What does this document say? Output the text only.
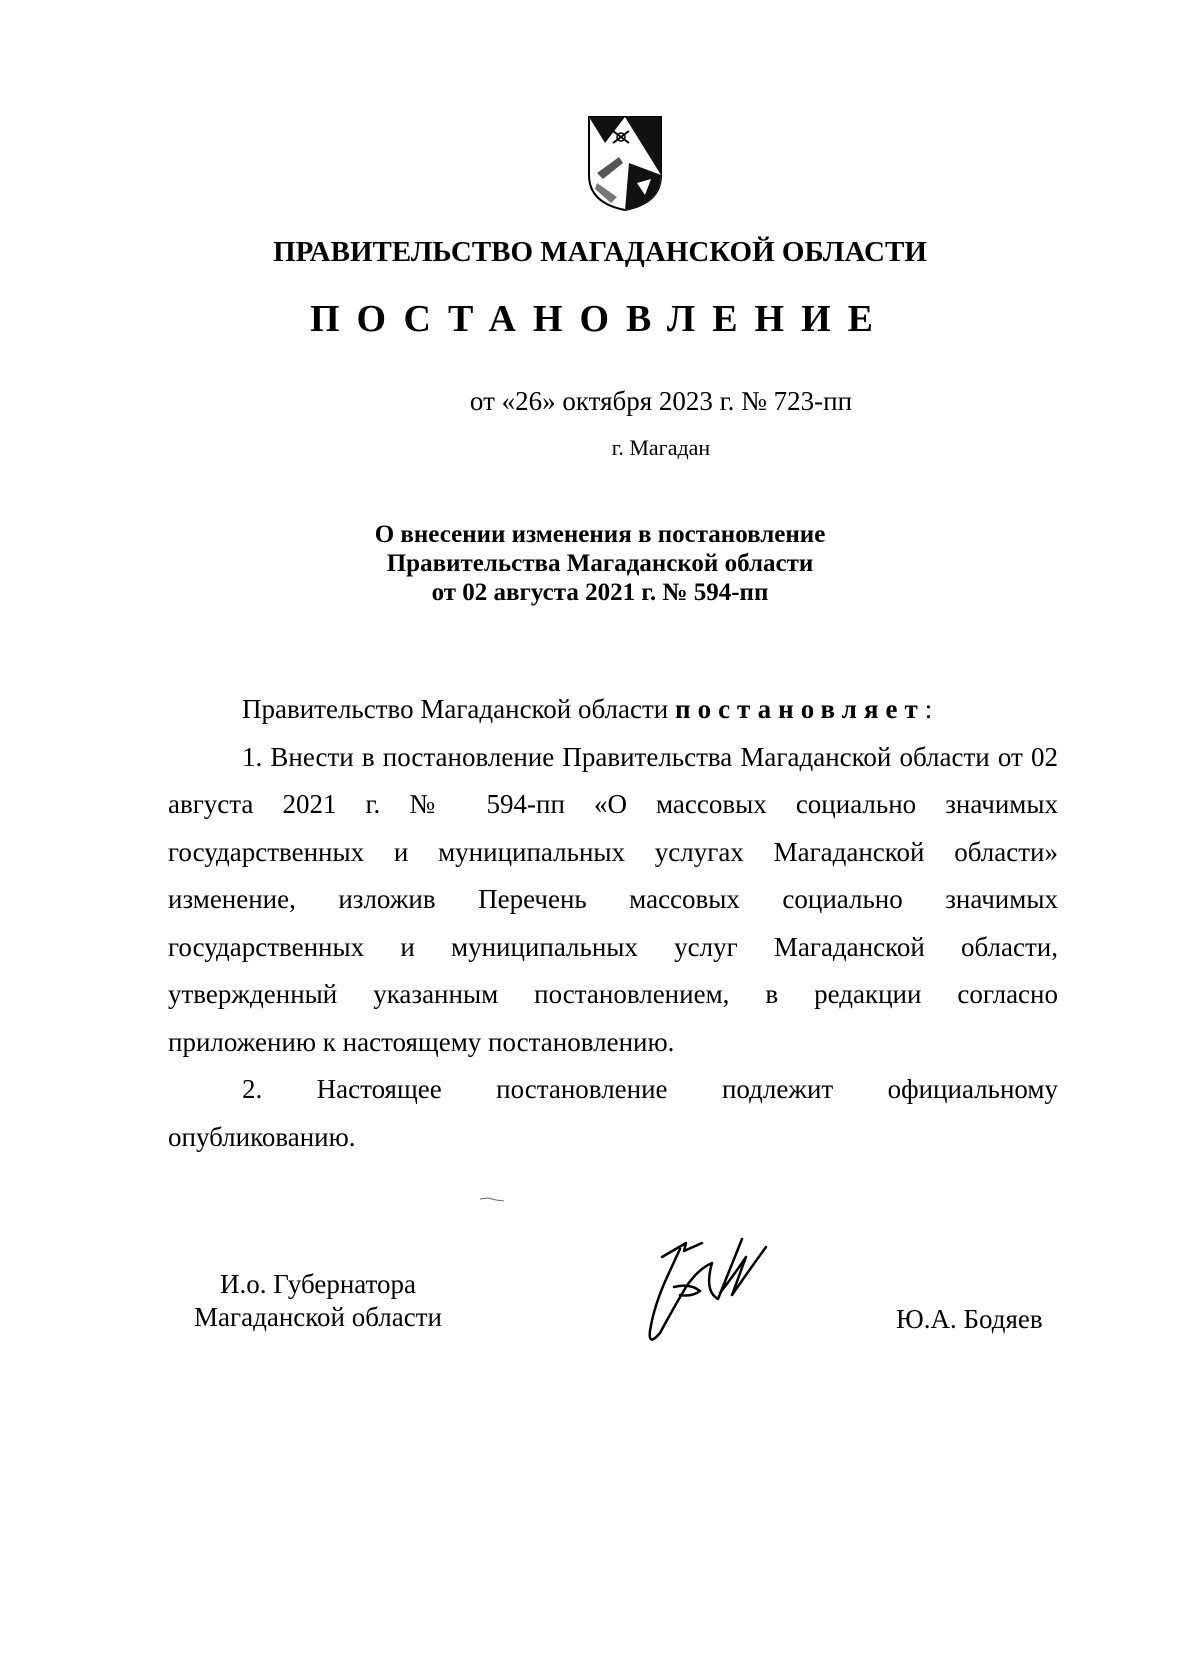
ПРАВИТЕЛЬСТВО МАГАДАНСКОЙ ОБЛАСТИ
ПОСТАНОВЛЕНИЕ
от «26» октября 2023 г. № 723-пп
г. Магадан
О внесении изменения в постановление
Правительства Магаданской области
от 02 августа 2021 г. № 594-пп

Правительство Магаданской области постановляет:

1. Внести в постановление Правительства Магаданской области от 02 августа 2021 г. № 594-пп «О массовых социально значимых государственных и муниципальных услугах Магаданской области» изменение, изложив Перечень массовых социально значимых государственных и муниципальных услуг Магаданской области, утвержденный указанным постановлением, в редакции согласно приложению к настоящему постановлению.

2. Настоящее постановление подлежит официальному опубликованию.

И.о. Губернатора
Магаданской области	Ю.А. Бодяев
